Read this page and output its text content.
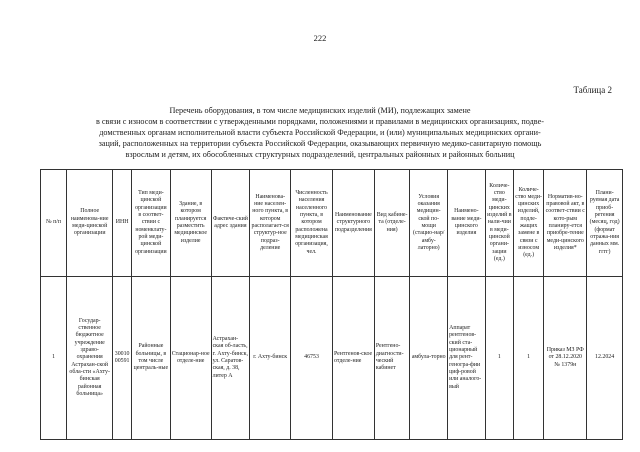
222
Таблица 2
Перечень оборудования, в том числе медицинских изделий (МИ), подлежащих замене
в связи с износом в соответствии с утвержденными порядками, положениями и правилами в медицинских организациях, подве-
домственных органам исполнительной власти субъекта Российской Федерации, и (или) муниципальных медицинских органи-
заций, расположенных на территории субъекта Российской Федерации, оказывающих первичную медико-санитарную помощь
взрослым и детям, их обособленных структурных подразделений, центральных районных и районных больниц
№ п/п	Полное наименова-ние меди-цинской организации	ИНН	Тип меди-цинской организации в соответ-ствии с номенклату-рой меди-цинской организации	Здание, в котором планируется разместить медицинское изделие	Фактиче-ский адрес здания	Наименова-ние населен-ного пункта, в котором располагает-ся структур-ное подраз-деление	Численность населения населенного пункта, в котором расположена медицинская организация, чел.	Наименование структурного подразделения	Вид кабине-та (отделе-ния)	Условия оказания медицин-ской по-мощи (стацио-нар/амбу-латорно)	Наимено-вание меди-цинского изделия	Количе-ство меди-цинских изделий в нали-чии в меди-цинской органи-зации (ед.)	Количе-ство меди-цинских изделий, подле-жащих замене в связи с износом (ед.)	Норматив-но-правовой акт, в соответ-ствии с кото-рым планиру-ется приобре-тение меди-цинского изделия*	Плани-руемая дата приоб-ретения (месяц, год) (формат отража-ния данных мм. гггг)
1	Государ-ственное бюджетное учреждение здраво-охранения Астрахан-ской обла-сти «Ахту-бинская районная больница»	3001000591	Районные больницы, в том числе централь-ные	Стационар-ное отделе-ние	Астрахан-ская об-ласть, г. Ахту-бинск, ул. Саратов-ская, д. 38, литер А	г. Ахту-бинск	46753	Рентгенов-ское отделе-ние	Рентгено-диагности-ческий кабинет	амбула-торно	Аппарат рентгенов-ский ста-ционарный для рент-геногра-фии циф-ровой или аналого-вый	1	1	Приказ МЗ РФ от 28.12.2020 № 1379н	12.2024
